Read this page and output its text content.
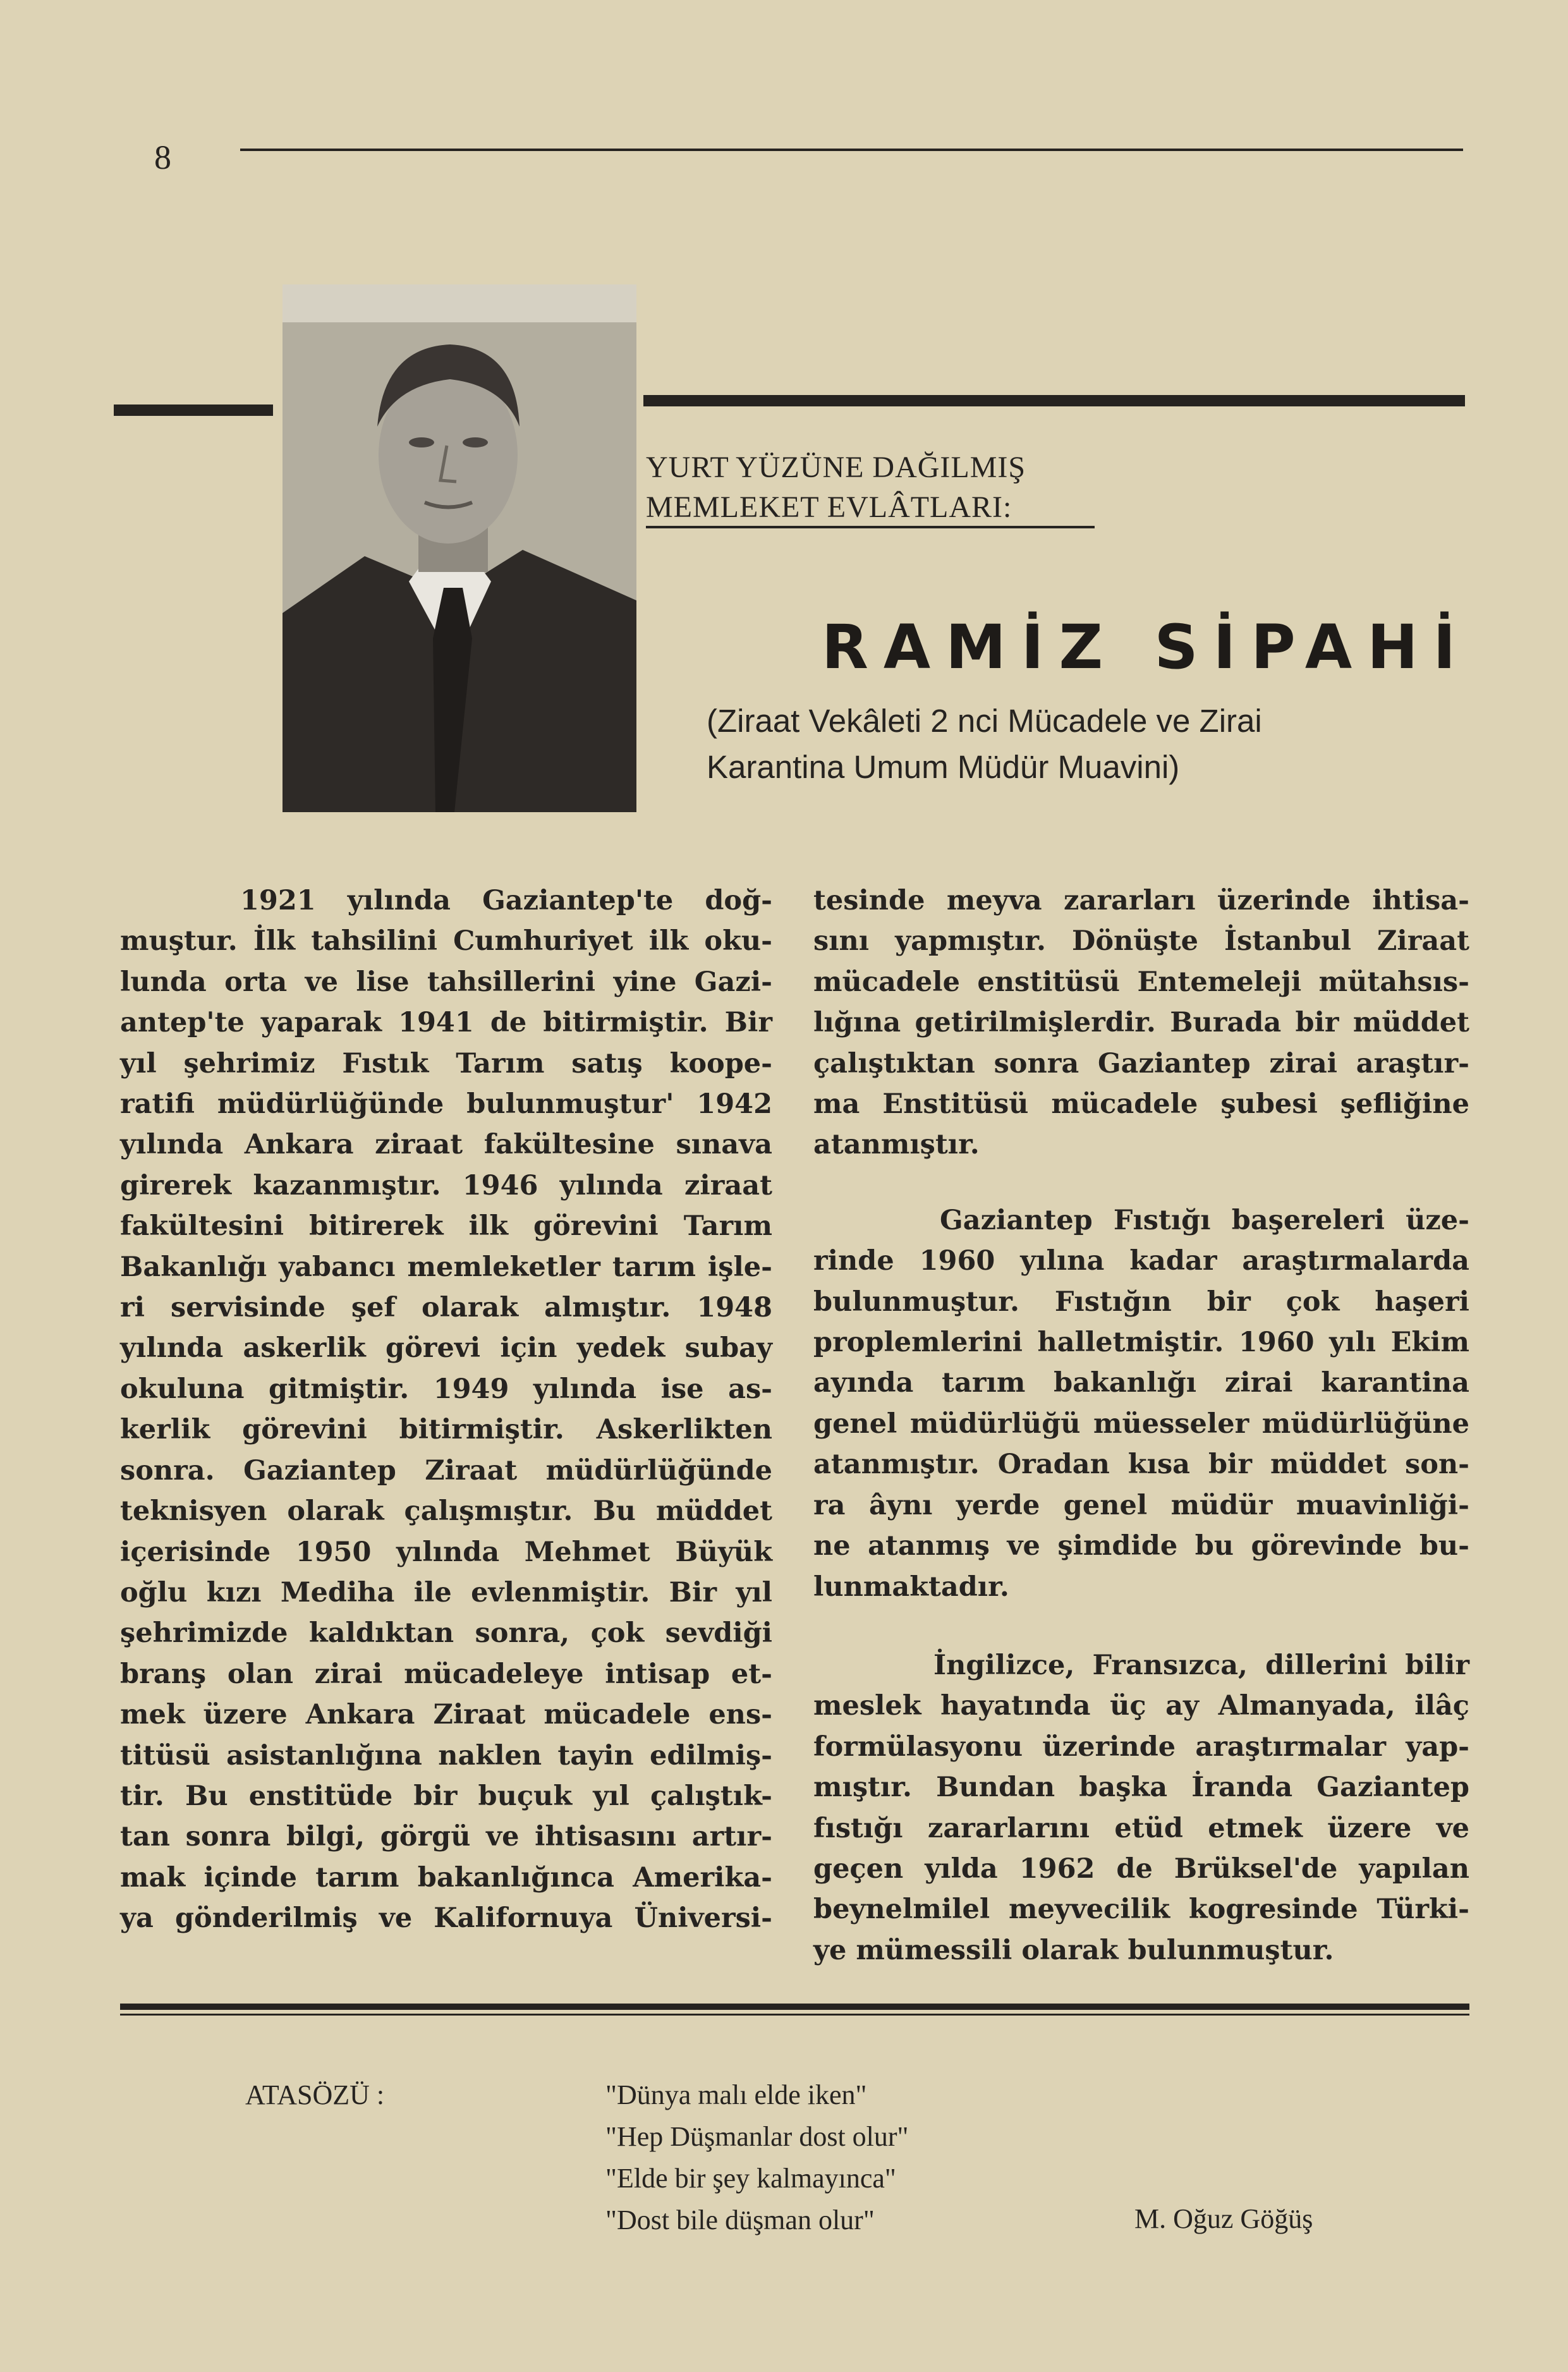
8
YURT YÜZÜNE DAĞILMIŞ
MEMLEKET EVLÂTLARI:
RAMİZ SİPAHİ
(Ziraat Vekâleti 2 nci Mücadele ve Zirai
Karantina Umum Müdür Muavini)
1921 yılında Gaziantep'te doğ-
muştur. İlk tahsilini Cumhuriyet ilk oku-
lunda orta ve lise tahsillerini yine Gazi-
antep'te yaparak 1941 de bitirmiştir. Bir
yıl şehrimiz Fıstık Tarım satış koope-
ratifi müdürlüğünde bulunmuştur' 1942
yılında Ankara ziraat fakültesine sınava
girerek kazanmıştır. 1946 yılında ziraat
fakültesini bitirerek ilk görevini Tarım
Bakanlığı yabancı memleketler tarım işle-
ri servisinde şef olarak almıştır. 1948
yılında askerlik görevi için yedek subay
okuluna gitmiştir. 1949 yılında ise as-
kerlik görevini bitirmiştir. Askerlikten
sonra. Gaziantep Ziraat müdürlüğünde
teknisyen olarak çalışmıştır. Bu müddet
içerisinde 1950 yılında Mehmet Büyük
oğlu kızı Mediha ile evlenmiştir. Bir yıl
şehrimizde kaldıktan sonra, çok sevdiği
branş olan zirai mücadeleye intisap et-
mek üzere Ankara Ziraat mücadele ens-
titüsü asistanlığına naklen tayin edilmiş-
tir. Bu enstitüde bir buçuk yıl çalıştık-
tan sonra bilgi, görgü ve ihtisasını artır-
mak içinde tarım bakanlığınca Amerika-
ya gönderilmiş ve Kalifornuya Üniversi-
tesinde meyva zararları üzerinde ihtisa-
sını yapmıştır. Dönüşte İstanbul Ziraat
mücadele enstitüsü Entemeleji mütahsıs-
lığına getirilmişlerdir. Burada bir müddet
çalıştıktan sonra Gaziantep zirai araştır-
ma Enstitüsü mücadele şubesi şefliğine
atanmıştır.
Gaziantep Fıstığı başereleri üze-
rinde 1960 yılına kadar araştırmalarda
bulunmuştur. Fıstığın bir çok haşeri
proplemlerini halletmiştir. 1960 yılı Ekim
ayında tarım bakanlığı zirai karantina
genel müdürlüğü müesseler müdürlüğüne
atanmıştır. Oradan kısa bir müddet son-
ra âynı yerde genel müdür muavinliği-
ne atanmış ve şimdide bu görevinde bu-
lunmaktadır.
İngilizce, Fransızca, dillerini bilir
meslek hayatında üç ay Almanyada, ilâç
formülasyonu üzerinde araştırmalar yap-
mıştır. Bundan başka İranda Gaziantep
fıstığı zararlarını etüd etmek üzere ve
geçen yılda 1962 de Brüksel'de yapılan
beynelmilel meyvecilik kogresinde Türki-
ye mümessili olarak bulunmuştur.
ATASÖZÜ :	"Dünya malı elde iken"
"Hep Düşmanlar dost olur"
"Elde bir şey kalmayınca"
"Dost bile düşman olur"	M. Oğuz Göğüş
